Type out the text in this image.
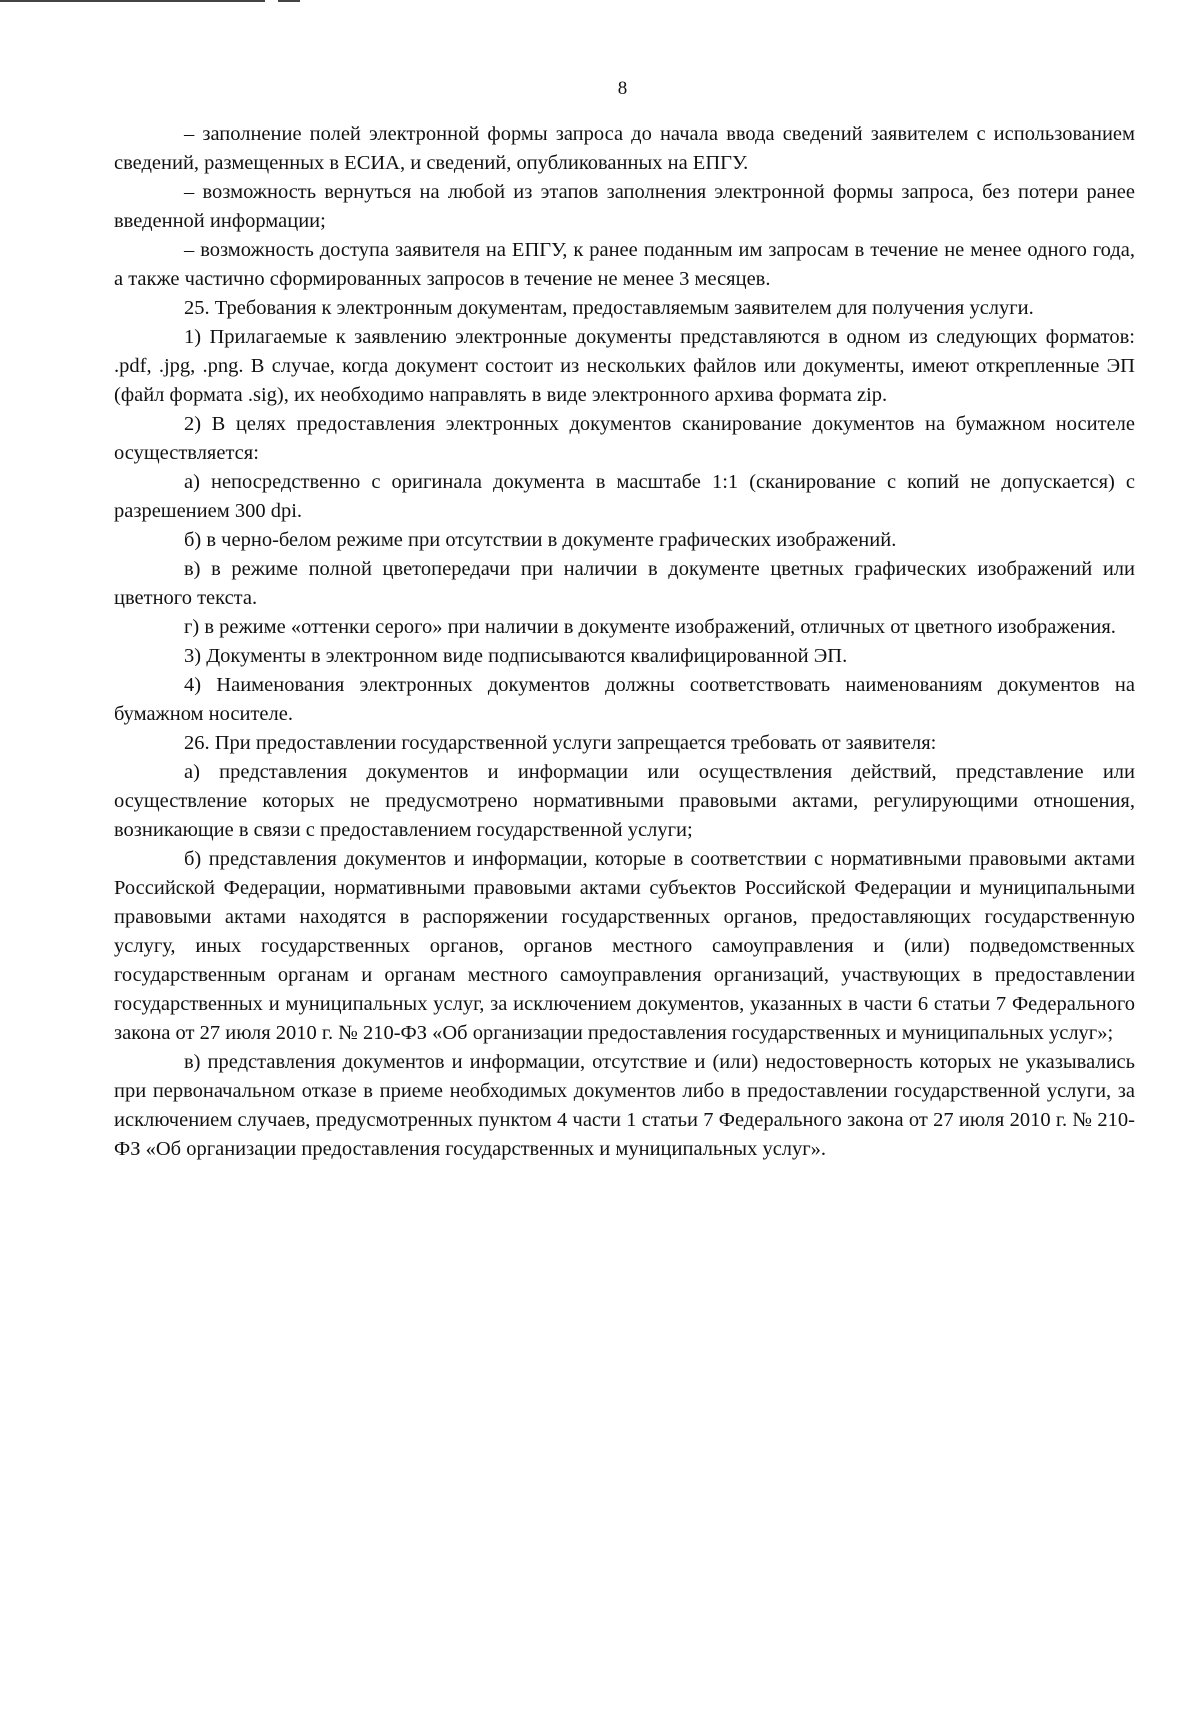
8

– заполнение полей электронной формы запроса до начала ввода сведений заявителем с использованием сведений, размещенных в ЕСИА, и сведений, опубликованных на ЕПГУ.

– возможность вернуться на любой из этапов заполнения электронной формы запроса, без потери ранее введенной информации;

– возможность доступа заявителя на ЕПГУ, к ранее поданным им запросам в течение не менее одного года, а также частично сформированных запросов в течение не менее 3 месяцев.

25. Требования к электронным документам, предоставляемым заявителем для получения услуги.

1) Прилагаемые к заявлению электронные документы представляются в одном из следующих форматов: .pdf, .jpg, .png. В случае, когда документ состоит из нескольких файлов или документы, имеют открепленные ЭП (файл формата .sig), их необходимо направлять в виде электронного архива формата zip.

2) В целях предоставления электронных документов сканирование документов на бумажном носителе осуществляется:

а) непосредственно с оригинала документа в масштабе 1:1 (сканирование с копий не допускается) с разрешением 300 dpi.

б) в черно-белом режиме при отсутствии в документе графических изображений.

в) в режиме полной цветопередачи при наличии в документе цветных графических изображений или цветного текста.

г) в режиме «оттенки серого» при наличии в документе изображений, отличных от цветного изображения.

3) Документы в электронном виде подписываются квалифицированной ЭП.

4) Наименования электронных документов должны соответствовать наименованиям документов на бумажном носителе.

26. При предоставлении государственной услуги запрещается требовать от заявителя:

а) представления документов и информации или осуществления действий, представление или осуществление которых не предусмотрено нормативными правовыми актами, регулирующими отношения, возникающие в связи с предоставлением государственной услуги;

б) представления документов и информации, которые в соответствии с нормативными правовыми актами Российской Федерации, нормативными правовыми актами субъектов Российской Федерации и муниципальными правовыми актами находятся в распоряжении государственных органов, предоставляющих государственную услугу, иных государственных органов, органов местного самоуправления и (или) подведомственных государственным органам и органам местного самоуправления организаций, участвующих в предоставлении государственных и муниципальных услуг, за исключением документов, указанных в части 6 статьи 7 Федерального закона от 27 июля 2010 г. № 210-ФЗ «Об организации предоставления государственных и муниципальных услуг»;

в) представления документов и информации, отсутствие и (или) недостоверность которых не указывались при первоначальном отказе в приеме необходимых документов либо в предоставлении государственной услуги, за исключением случаев, предусмотренных пунктом 4 части 1 статьи 7 Федерального закона от 27 июля 2010 г. № 210-ФЗ «Об организации предоставления государственных и муниципальных услуг».
